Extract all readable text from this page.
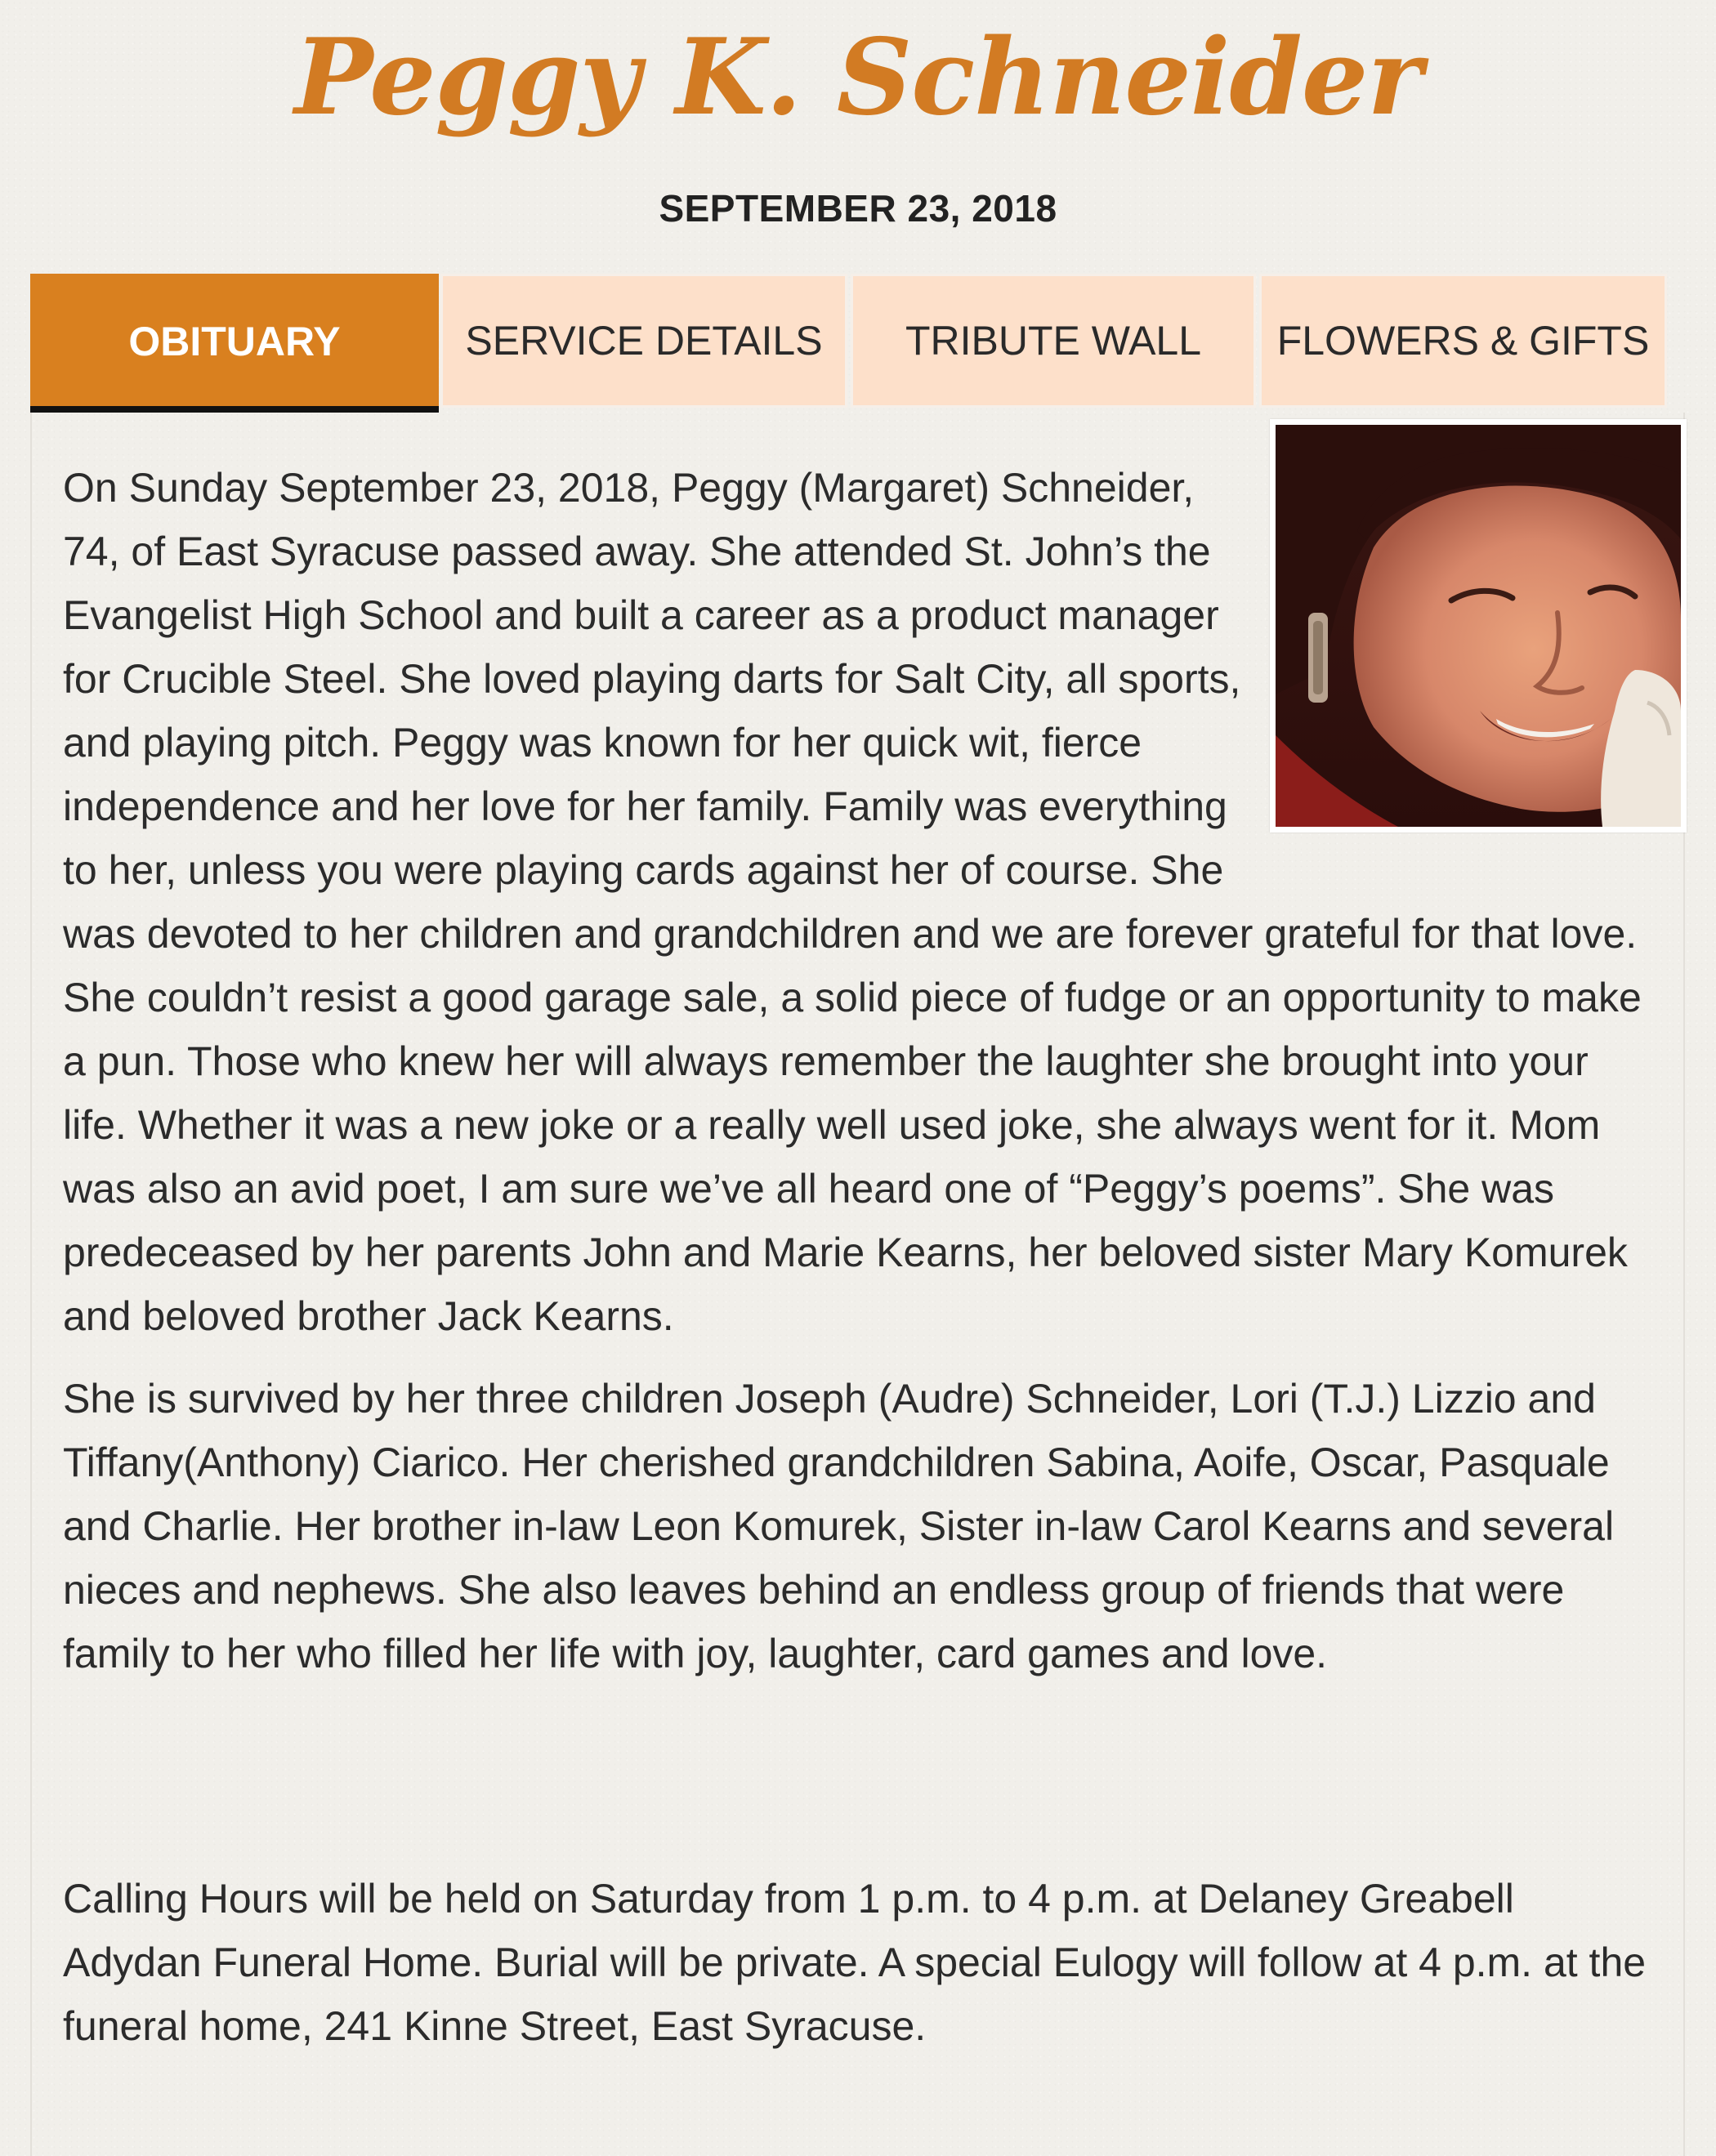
Peggy K. Schneider
SEPTEMBER 23, 2018
OBITUARY	SERVICE DETAILS	TRIBUTE WALL	FLOWERS & GIFTS

On Sunday September 23, 2018, Peggy (Margaret) Schneider, 74, of East Syracuse passed away. She attended St. John’s the Evangelist High School and built a career as a product manager for Crucible Steel. She loved playing darts for Salt City, all sports, and playing pitch. Peggy was known for her quick wit, fierce independence and her love for her family. Family was everything to her, unless you were playing cards against her of course. She was devoted to her children and grandchildren and we are forever grateful for that love. She couldn’t resist a good garage sale, a solid piece of fudge or an opportunity to make a pun. Those who knew her will always remember the laughter she brought into your life. Whether it was a new joke or a really well used joke, she always went for it. Mom was also an avid poet, I am sure we’ve all heard one of “Peggy’s poems”. She was predeceased by her parents John and Marie Kearns, her beloved sister Mary Komurek and beloved brother Jack Kearns.

She is survived by her three children Joseph (Audre) Schneider, Lori (T.J.) Lizzio and Tiffany(Anthony) Ciarico. Her cherished grandchildren Sabina, Aoife, Oscar, Pasquale and Charlie. Her brother in-law Leon Komurek, Sister in-law Carol Kearns and several nieces and nephews. She also leaves behind an endless group of friends that were family to her who filled her life with joy, laughter, card games and love.

Calling Hours will be held on Saturday from 1 p.m. to 4 p.m. at Delaney Greabell Adydan Funeral Home. Burial will be private. A special Eulogy will follow at 4 p.m. at the funeral home, 241 Kinne Street, East Syracuse.
